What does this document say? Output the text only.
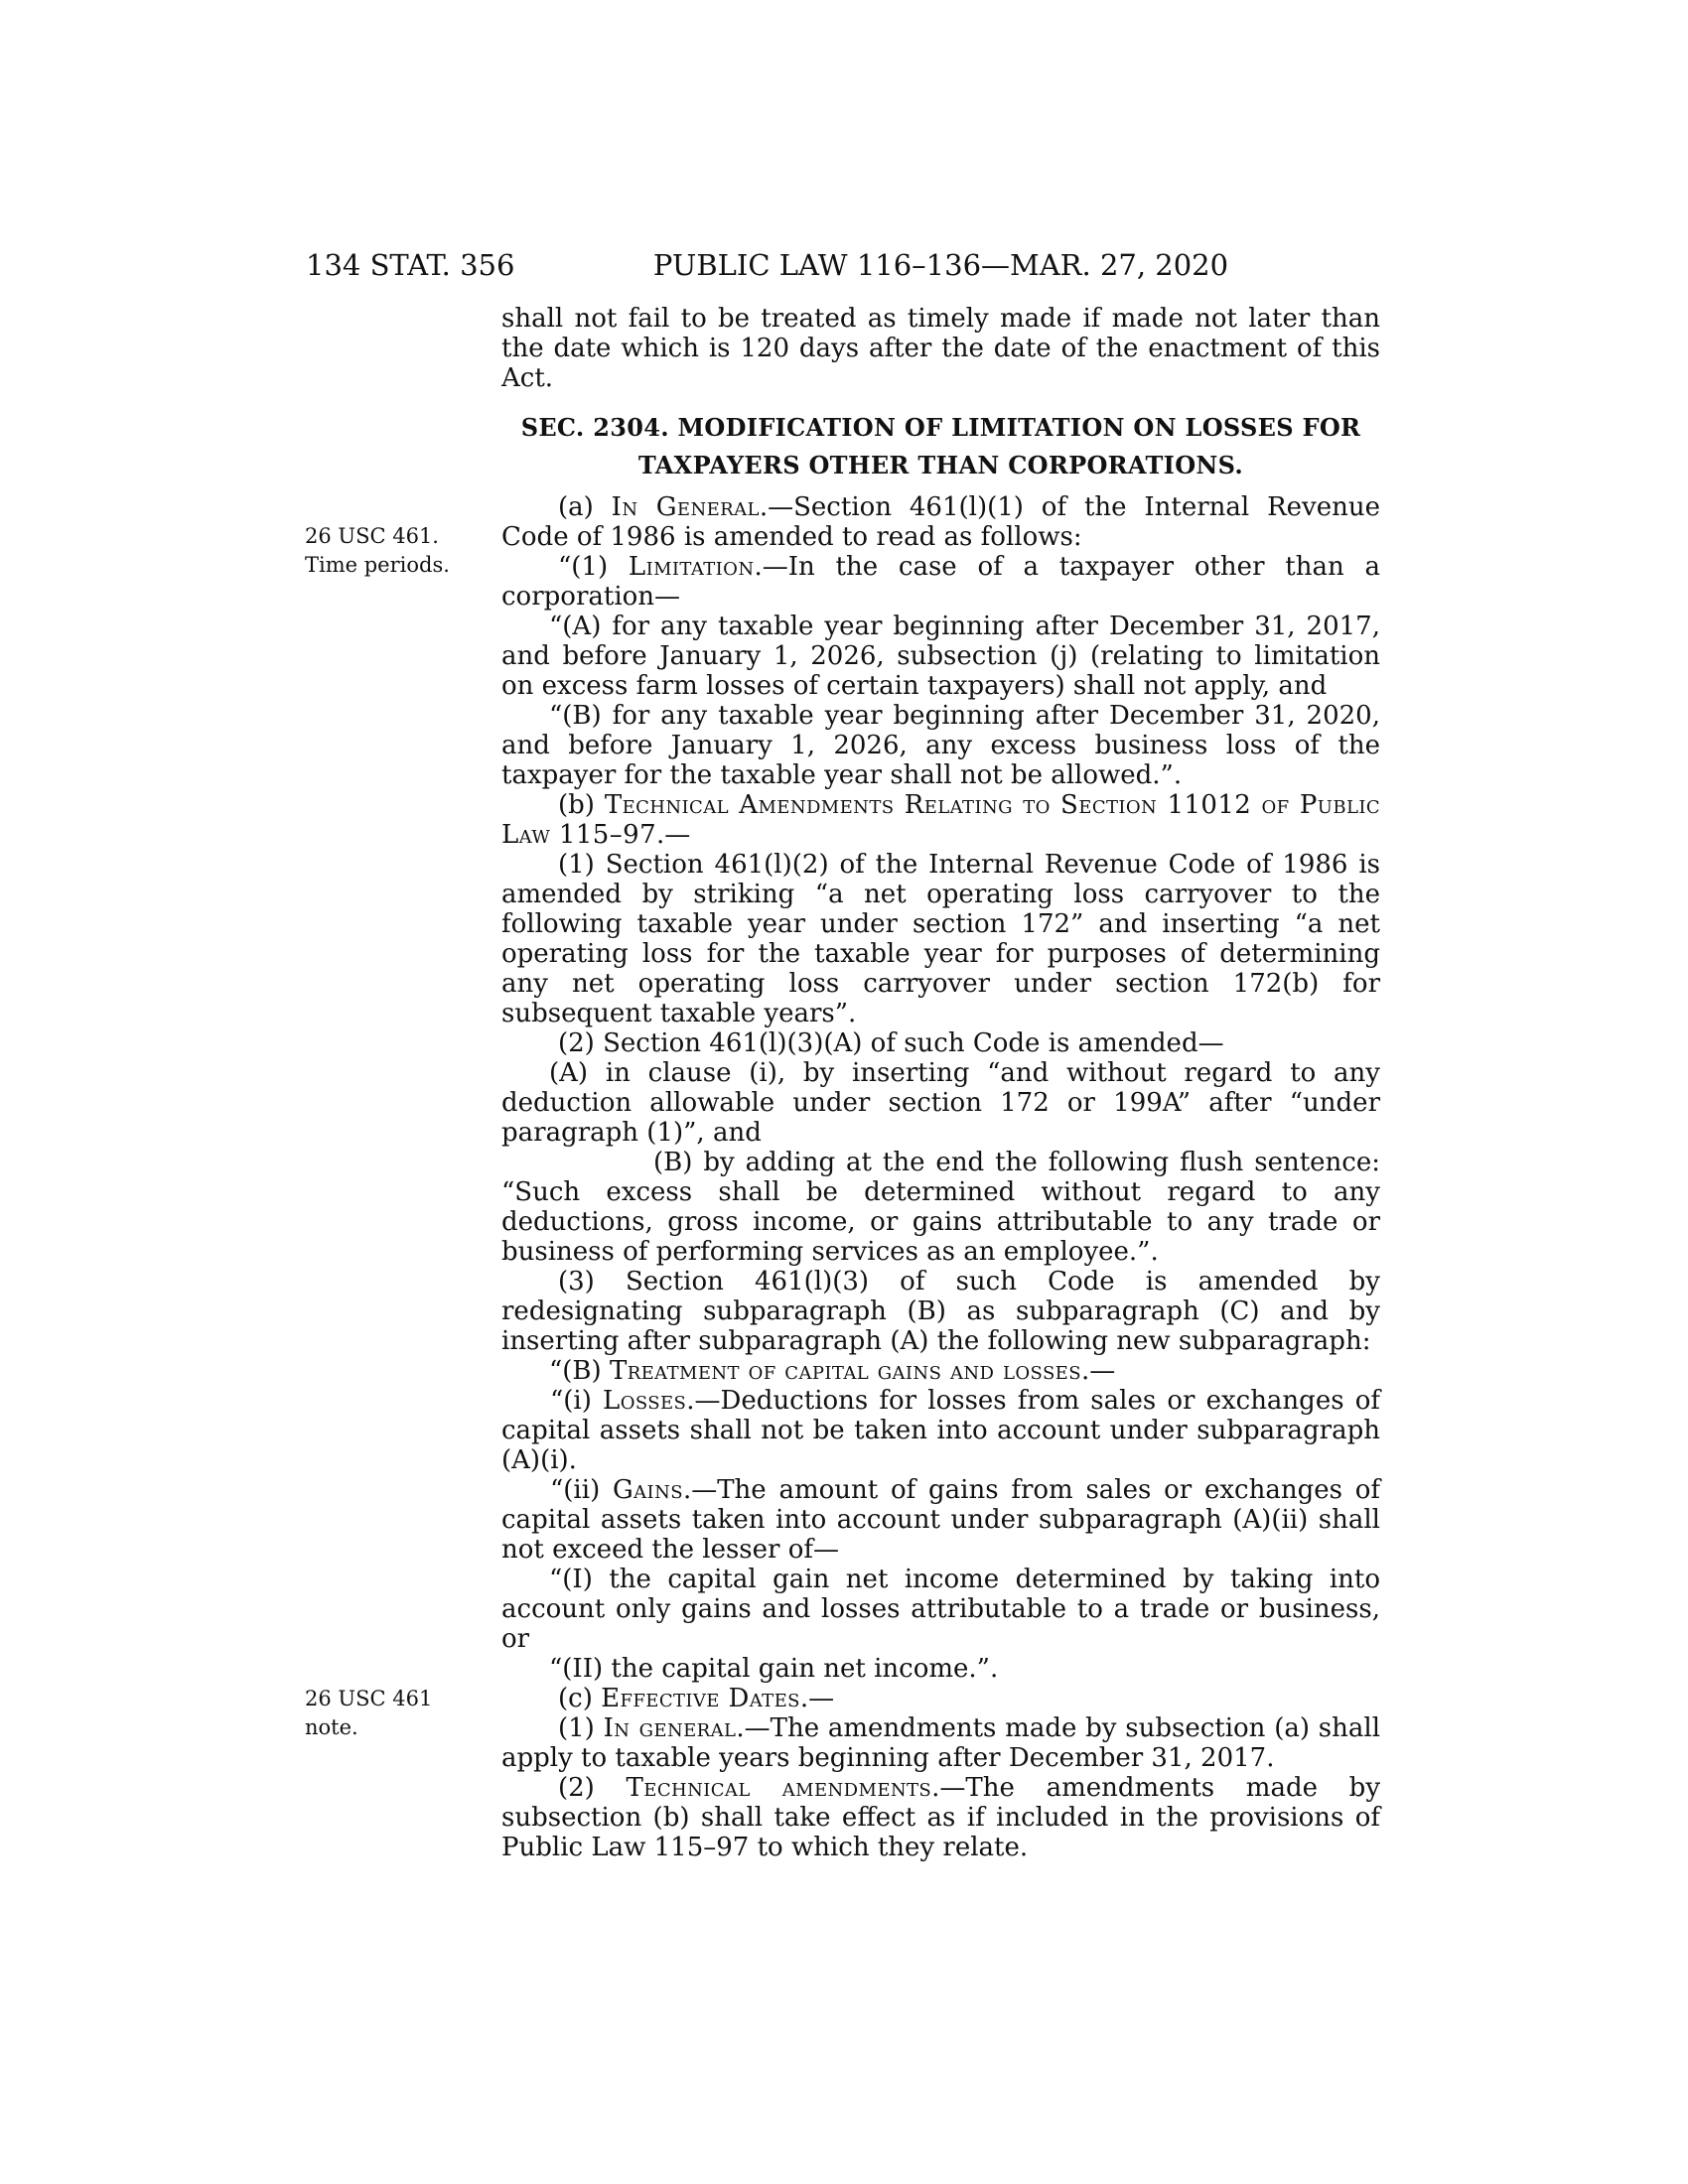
134 STAT. 356	PUBLIC LAW 116–136—MAR. 27, 2020

shall not fail to be treated as timely made if made not later than the date which is 120 days after the date of the enactment of this Act.

SEC. 2304. MODIFICATION OF LIMITATION ON LOSSES FOR TAXPAYERS OTHER THAN CORPORATIONS.

26 USC 461.
Time periods.
(a) In General.—Section 461(l)(1) of the Internal Revenue Code of 1986 is amended to read as follows:

“(1) Limitation.—In the case of a taxpayer other than a corporation—

“(A) for any taxable year beginning after December 31, 2017, and before January 1, 2026, subsection (j) (relating to limitation on excess farm losses of certain taxpayers) shall not apply, and

“(B) for any taxable year beginning after December 31, 2020, and before January 1, 2026, any excess business loss of the taxpayer for the taxable year shall not be allowed.”.

(b) Technical Amendments Relating to Section 11012 of Public Law 115–97.—

(1) Section 461(l)(2) of the Internal Revenue Code of 1986 is amended by striking “a net operating loss carryover to the following taxable year under section 172” and inserting “a net operating loss for the taxable year for purposes of determining any net operating loss carryover under section 172(b) for subsequent taxable years”.

(2) Section 461(l)(3)(A) of such Code is amended—

(A) in clause (i), by inserting “and without regard to any deduction allowable under section 172 or 199A” after “under paragraph (1)”, and

(B) by adding at the end the following flush sentence: “Such excess shall be determined without regard to any deductions, gross income, or gains attributable to any trade or business of performing services as an employee.”.

(3) Section 461(l)(3) of such Code is amended by redesignating subparagraph (B) as subparagraph (C) and by inserting after subparagraph (A) the following new subparagraph:

“(B) Treatment of capital gains and losses.—

“(i) Losses.—Deductions for losses from sales or exchanges of capital assets shall not be taken into account under subparagraph (A)(i).

“(ii) Gains.—The amount of gains from sales or exchanges of capital assets taken into account under subparagraph (A)(ii) shall not exceed the lesser of—

“(I) the capital gain net income determined by taking into account only gains and losses attributable to a trade or business, or

“(II) the capital gain net income.”.

26 USC 461 note.
(c) Effective Dates.—

(1) In general.—The amendments made by subsection (a) shall apply to taxable years beginning after December 31, 2017.

(2) Technical amendments.—The amendments made by subsection (b) shall take effect as if included in the provisions of Public Law 115–97 to which they relate.
